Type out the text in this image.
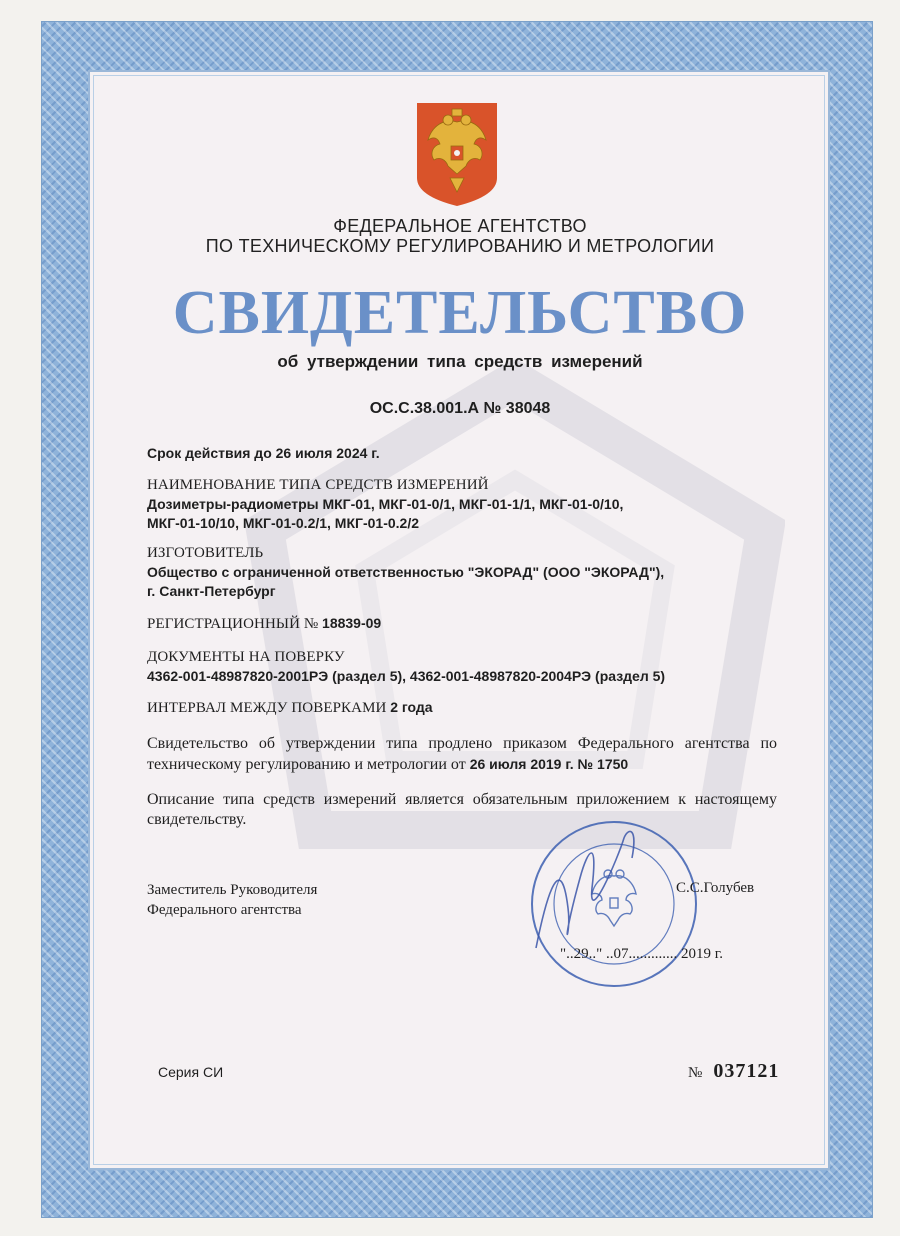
ФЕДЕРАЛЬНОЕ АГЕНТСТВО
ПО ТЕХНИЧЕСКОМУ РЕГУЛИРОВАНИЮ И МЕТРОЛОГИИ
СВИДЕТЕЛЬСТВО
об утверждении типа средств измерений
ОС.С.38.001.А № 38048
Срок действия до 26 июля 2024 г.
НАИМЕНОВАНИЕ ТИПА СРЕДСТВ ИЗМЕРЕНИЙ
Дозиметры-радиометры МКГ-01, МКГ-01-0/1, МКГ-01-1/1, МКГ-01-0/10,
МКГ-01-10/10, МКГ-01-0.2/1, МКГ-01-0.2/2
ИЗГОТОВИТЕЛЬ
Общество с ограниченной ответственностью "ЭКОРАД" (ООО "ЭКОРАД"),
г. Санкт-Петербург
РЕГИСТРАЦИОННЫЙ № 18839-09
ДОКУМЕНТЫ НА ПОВЕРКУ
4362-001-48987820-2001РЭ (раздел 5), 4362-001-48987820-2004РЭ (раздел 5)
ИНТЕРВАЛ МЕЖДУ ПОВЕРКАМИ 2 года
Свидетельство об утверждении типа продлено приказом Федерального агентства по техническому регулированию и метрологии от 26 июля 2019 г. № 1750
Описание типа средств измерений является обязательным приложением к настоящему свидетельству.
Заместитель Руководителя
Федерального агентства
С.С.Голубев
"..29.." ..07............. 2019 г.
Серия СИ	№ 037121
